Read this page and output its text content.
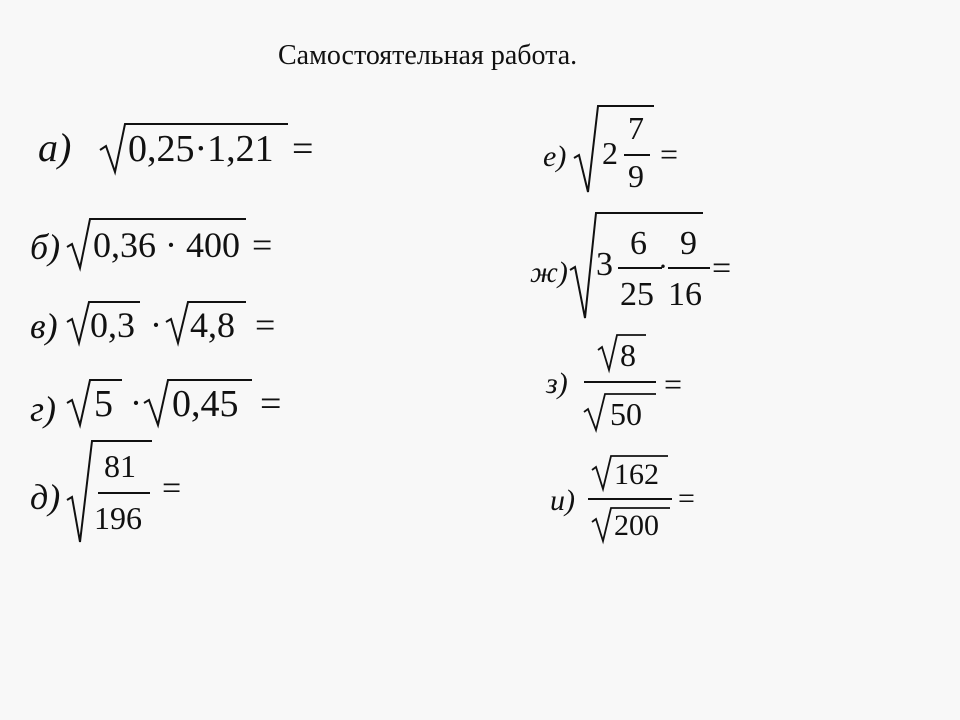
Самостоятельная работа.
а) 0,25·1,21 =
б) 0,36 · 400 =
в) 0,3 · 4,8 =
г) 5 · 0,45 =
д)
81
196
=
е) 2
7
9
=
ж) 3
6
25
·
9
16
=
з)
8
50
=
и)
162
200
=
